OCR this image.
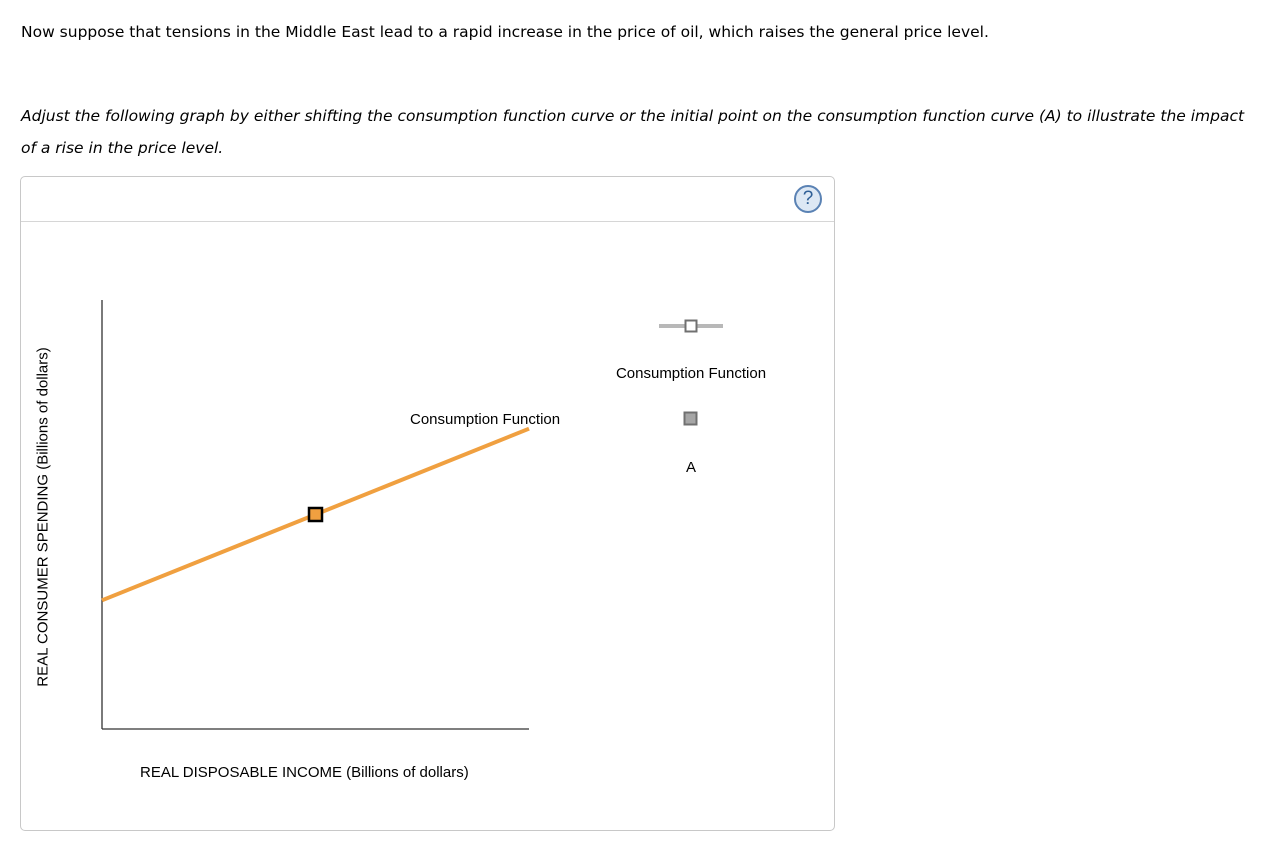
Now suppose that tensions in the Middle East lead to a rapid increase in the price of oil, which raises the general price level.
Adjust the following graph by either shifting the consumption function curve or the initial point on the consumption function curve (A) to illustrate the impact of a rise in the price level.
?
REAL CONSUMER SPENDING (Billions of dollars)
REAL DISPOSABLE INCOME (Billions of dollars)
Consumption Function
Consumption Function
A
